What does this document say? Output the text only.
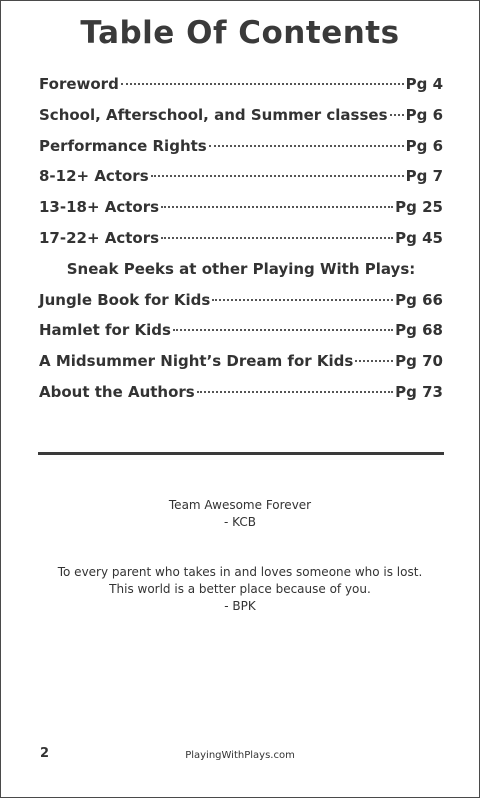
Table Of Contents
Foreword	Pg 4
School, Afterschool, and Summer classes Pg 6
Performance Rights	Pg 6
8-12+ Actors	Pg 7
13-18+ Actors	Pg 25
17-22+ Actors	Pg 45
Sneak Peeks at other Playing With Plays:
Jungle Book for Kids	Pg 66
Hamlet for Kids	Pg 68
A Midsummer Night’s Dream for Kids	Pg 70
About the Authors	Pg 73
Team Awesome Forever
- KCB
To every parent who takes in and loves someone who is lost.
This world is a better place because of you.
- BPK
2	PlayingWithPlays.com
